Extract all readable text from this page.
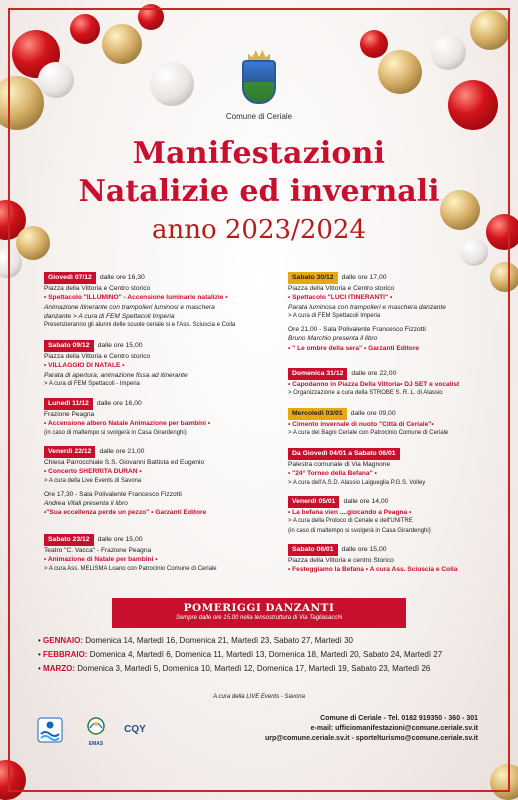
Comune di Ceriale
Manifestazioni
Natalizie ed invernali
anno 2023/2024
Giovedì 07/12 dalle ore 16,30
Piazza della Vittoria e Centro storico
• Spettacolo "ILLUMINO" - Accensione luminarie natalizie •
Animazione itinerante con trampolieri luminosi e maschera
danzante > A cura di FEM Spettacoli Imperia
Presenzieranno gli alunni delle scuole ceriale si e l'Ass. Sciuscia e Coila
Sabato 09/12 dalle ore 15,00
Piazza della Vittoria e Centro storico
• VILLAGGIO DI NATALE •
Parata di apertura, animazione fissa ad itinerante
> A cura di FEM Spettacoli - Imperia
Lunedì 11/12 dalle ore 16,00
Frazione Peagna
• Accensione albero Natale Animazione per bambini •
(in caso di maltempo si svolgerà in Casa Girardenghi)
Venerdì 22/12 dalle ore 21,00
Chiesa Parrocchiale S.S. Giovanni Battista ed Eugenio
• Concerto SHERRITA DURAN •
> A cura della Live Events di Savona
Ore 17,30 - Sala Polivalente Francesco Fizzotti
Andrea Vitali presenta il libro
•"Sua eccellenza perde un pezzo" • Garzanti Editore
Sabato 23/12 dalle ore 15,00
Teatro "C. Vacca" - Frazione Peagna
• Animazione di Natale per bambini •
> A cura Ass. MELISMA Loano con Patrocinio Comune di Ceriale
Sabato 30/12 dalle ore 17,00
Piazza della Vittoria e Centro storico
• Spettacolo "LUCI ITINERANTI" •
Parata luminosa con trampolieri e maschera danzante
> A cura di FEM Spettacoli Imperia
Ore 21,00 - Sala Polivalente Francesco Fizzotti
Bruno Marchio presenta il libro
• " Le ombre della sera" • Garzanti Editore
Domenica 31/12 dalle ore 22,00
• Capodanno in Piazza Della Vittoria• DJ SET e vocalist
> Organizzazione a cura della STROBE S. R. L. di Alassio
Mercoledì 03/01 dalle ore 09,00
• Cimento invernale di nuoto "Città di Ceriale"•
> A cura dei Bagni Ceriale con Patrocinio Comune di Ceriale
Da Giovedì 04/01 a Sabato 06/01
Palestra comunale di Via Magnone
• "24° Torneo della Befana" •
> A cura dell'A.S.D. Alassio Laigueglia P.G.S. Volley
Venerdì 05/01 dalle ore 14,00
• La befana vien ....giocando a Peagna •
> A cura della Proloco di Ceriale e dell'UNITRE
(in caso di maltempo si svolgerà in Casa Girardenghi)
Sabato 06/01 dalle ore 15,00
Piazza della Vittoria e centro Storico
• Festeggiamo la Befana • A cura Ass. Sciuscia e Coila
POMERIGGI DANZANTI
Sempre dalle ore 15.00 nella tensostruttura di Via Tagliasacchi
• GENNAIO: Domenica 14, Martedì 16, Domenica 21, Martedì 23, Sabato 27, Martedì 30
• FEBBRAIO: Domenica 4, Martedì 6, Domenica 11, Martedì 13, Domenica 18, Martedì 20, Sabato 24, Martedì 27
• MARZO: Domenica 3, Martedì 5, Domenica 10, Martedì 12, Domenica 17, Martedì 19, Sabato 23, Martedì 26
A cura della LIVE Events - Savona
EMAS
CQY
Comune di Ceriale - Tel. 0182 919350 - 360 - 301
e-mail: ufficiomanifestazioni@comune.ceriale.sv.it
urp@comune.ceriale.sv.it - sportelturismo@comune.ceriale.sv.it
